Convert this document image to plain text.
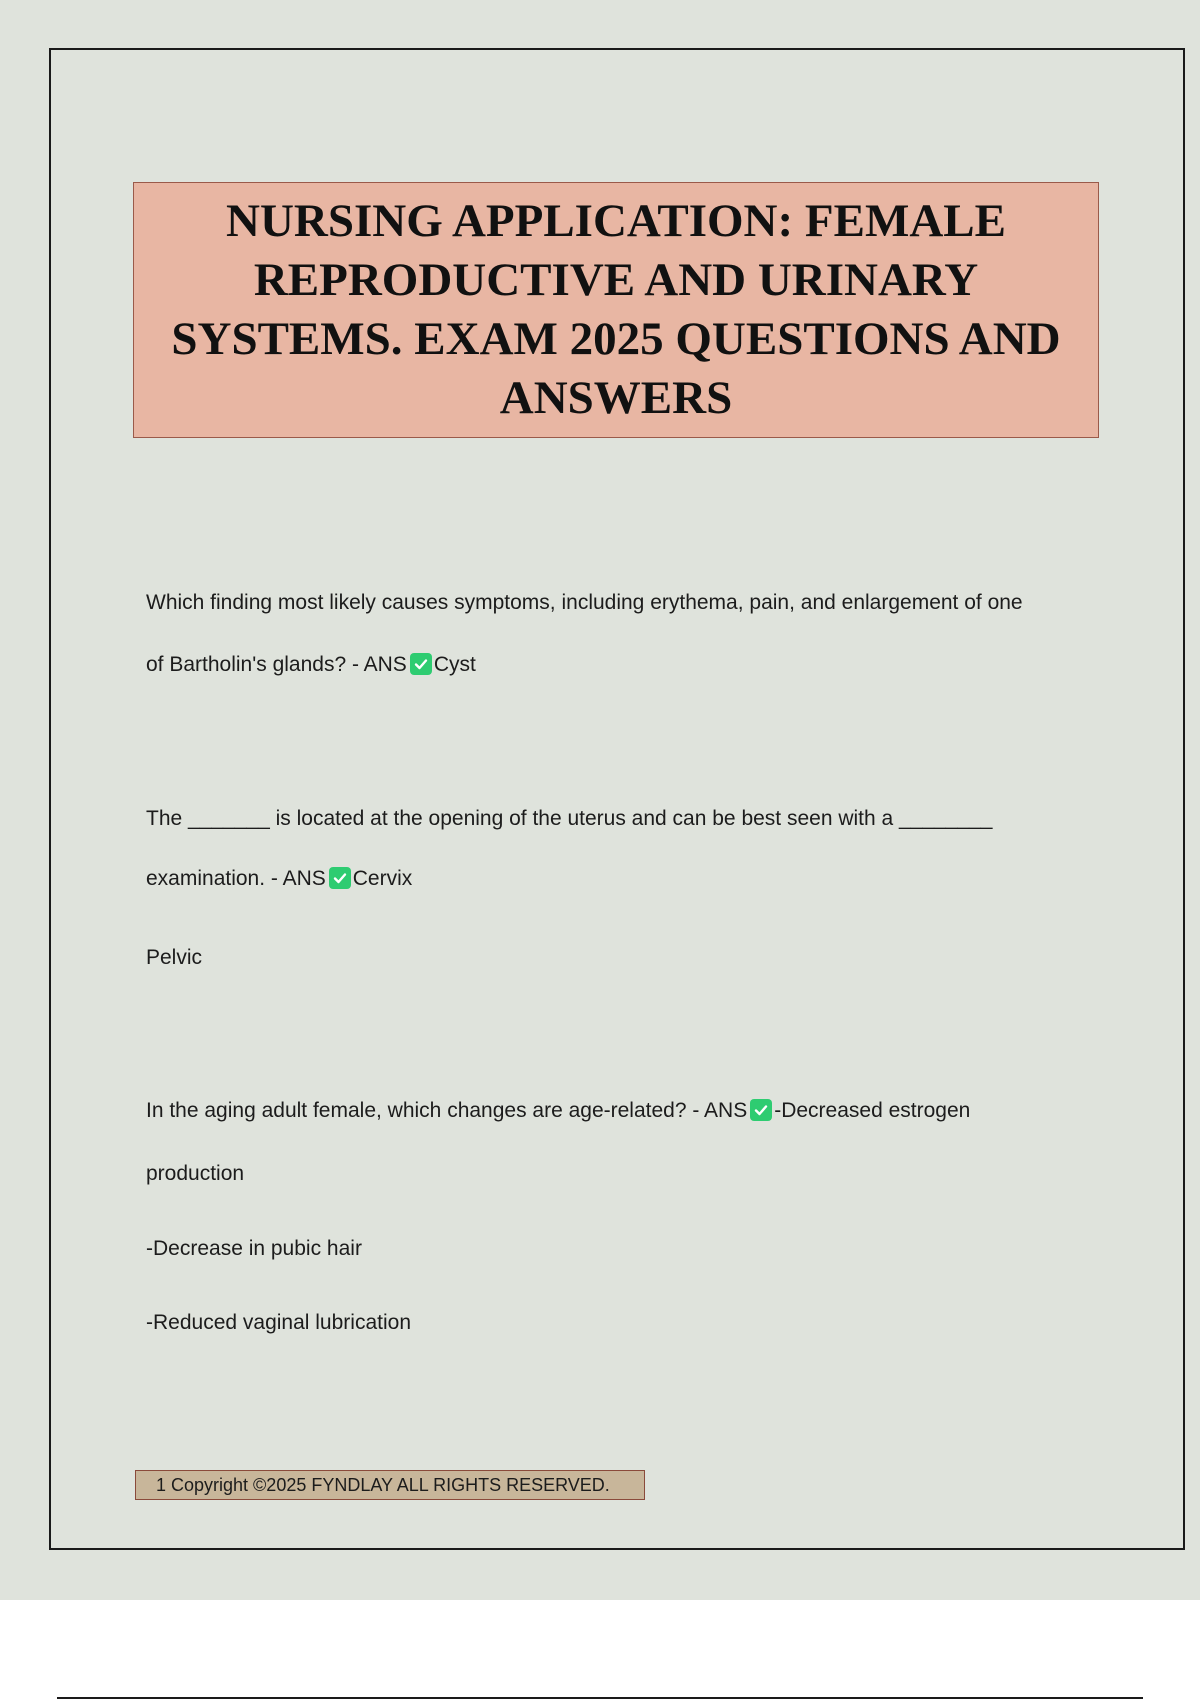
NURSING APPLICATION: FEMALE REPRODUCTIVE AND URINARY SYSTEMS. EXAM 2025 QUESTIONS AND ANSWERS
Which finding most likely causes symptoms, including erythema, pain, and enlargement of one
of Bartholin's glands? - ANS Cyst
The _______ is located at the opening of the uterus and can be best seen with a ________
examination. - ANS Cervix
Pelvic
In the aging adult female, which changes are age-related? - ANS -Decreased estrogen
production
-Decrease in pubic hair
-Reduced vaginal lubrication
1 Copyright ©2025 FYNDLAY ALL RIGHTS RESERVED.
